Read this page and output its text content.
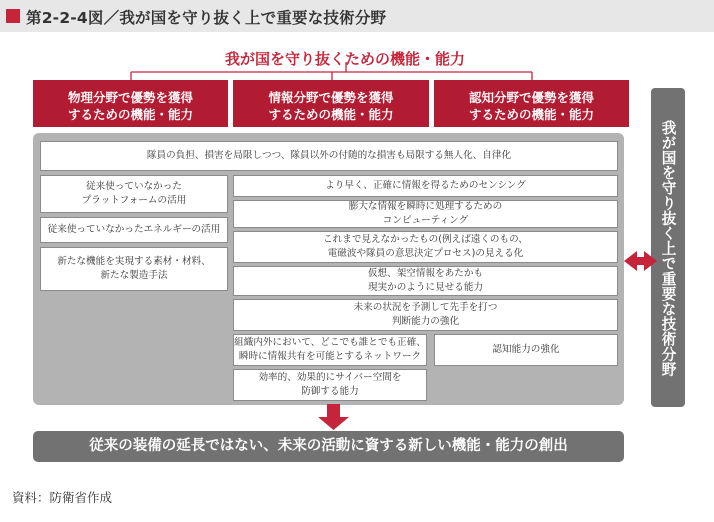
第2-2-4図／我が国を守り抜く上で重要な技術分野
我が国を守り抜くための機能・能力
物理分野で優勢を獲得
するための機能・能力
情報分野で優勢を獲得
するための機能・能力
認知分野で優勢を獲得
するための機能・能力
隊員の負担、損害を局限しつつ、隊員以外の付随的な損害も局限する無人化、自律化
従来使っていなかった
プラットフォームの活用
従来使っていなかったエネルギーの活用
新たな機能を実現する素材・材料、
新たな製造手法
より早く、正確に情報を得るためのセンシング
膨大な情報を瞬時に処理するための
コンピューティング
これまで見えなかったもの(例えば遠くのもの、
電磁波や隊員の意思決定プロセス)の見える化
仮想、架空情報をあたかも
現実かのように見せる能力
未来の状況を予測して先手を打つ
判断能力の強化
組織内外において、どこでも誰とでも正確、
瞬時に情報共有を可能とするネットワーク
認知能力の強化
効率的、効果的にサイバー空間を
防御する能力
我が国を守り抜く上で重要な技術分野
従来の装備の延長ではない、未来の活動に資する新しい機能・能力の創出
資料：防衛省作成
